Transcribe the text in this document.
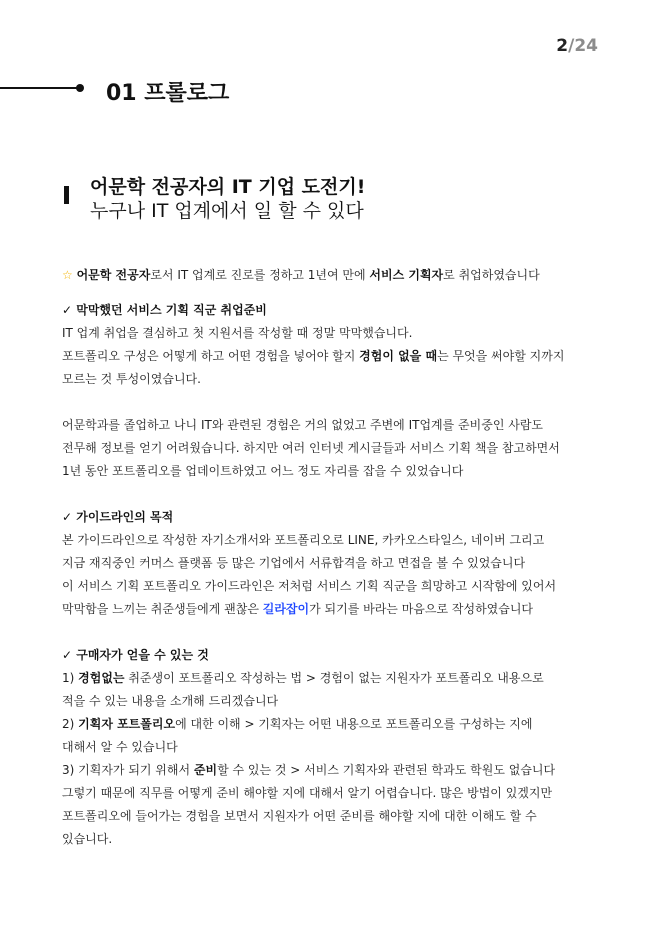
2/24
01 프롤로그
어문학 전공자의 IT 기업 도전기!

누구나 IT 업계에서 일 할 수 있다

☆ 어문학 전공자로서 IT 업계로 진로를 정하고 1년여 만에 서비스 기획자로 취업하였습니다

✓ 막막했던 서비스 기획 직군 취업준비

IT 업계 취업을 결심하고 첫 지원서를 작성할 때 정말 막막했습니다.

포트폴리오 구성은 어떻게 하고 어떤 경험을 넣어야 할지 경험이 없을 때는 무엇을 써야할 지까지

모르는 것 투성이였습니다.

어문학과를 졸업하고 나니 IT와 관련된 경험은 거의 없었고 주변에 IT업계를 준비중인 사람도

전무해 정보를 얻기 어려웠습니다. 하지만 여러 인터넷 게시글들과 서비스 기획 책을 참고하면서

1년 동안 포트폴리오를 업데이트하였고 어느 정도 자리를 잡을 수 있었습니다

✓ 가이드라인의 목적

본 가이드라인으로 작성한 자기소개서와 포트폴리오로 LINE, 카카오스타일스, 네이버 그리고

지금 재직중인 커머스 플랫폼 등 많은 기업에서 서류합격을 하고 면접을 볼 수 있었습니다

이 서비스 기획 포트폴리오 가이드라인은 저처럼 서비스 기획 직군을 희망하고 시작함에 있어서

막막함을 느끼는 취준생들에게 괜찮은 길라잡이가 되기를 바라는 마음으로 작성하였습니다

✓ 구매자가 얻을 수 있는 것

1) 경험없는 취준생이 포트폴리오 작성하는 법 > 경험이 없는 지원자가 포트폴리오 내용으로

적을 수 있는 내용을 소개해 드리겠습니다

2) 기획자 포트폴리오에 대한 이해 > 기획자는 어떤 내용으로 포트폴리오를 구성하는 지에

대해서 알 수 있습니다

3) 기획자가 되기 위해서 준비할 수 있는 것 > 서비스 기획자와 관련된 학과도 학원도 없습니다

그렇기 때문에 직무를 어떻게 준비 해야할 지에 대해서 알기 어렵습니다. 많은 방법이 있겠지만

포트폴리오에 들어가는 경험을 보면서 지원자가 어떤 준비를 해야할 지에 대한 이해도 할 수

있습니다.
